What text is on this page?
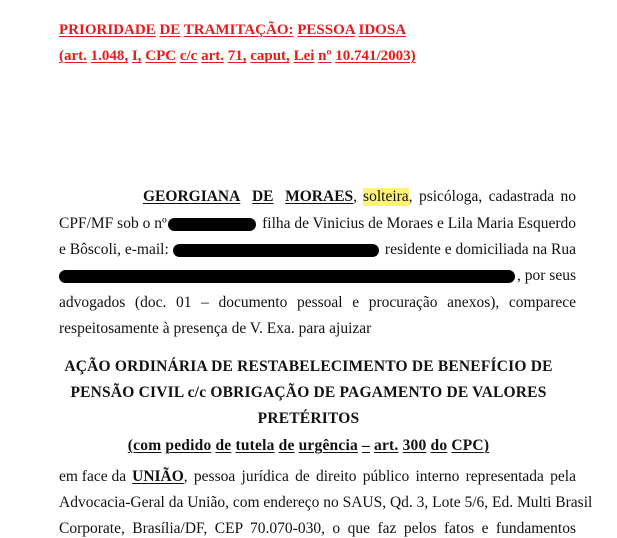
PRIORIDADE DE TRAMITAÇÃO: PESSOA IDOSA
(art. 1.048, I, CPC c/c art. 71, caput, Lei nº 10.741/2003)
GEORGIANA DE MORAES , solteira , psicóloga, cadastrada no
CPF/MF sob o nº	filha de Vinicius de Moraes e Lila Maria Esquerdo
e Bôscoli, e-mail:	residente e domiciliada na Rua
, por seus
advogados (doc. 01 – documento pessoal e procuração anexos), comparece
respeitosamente à presença de V. Exa. para ajuizar
AÇÃO ORDINÁRIA DE RESTABELECIMENTO DE BENEFÍCIO DE
PENSÃO CIVIL c/c OBRIGAÇÃO DE PAGAMENTO DE VALORES
PRETÉRITOS
(com pedido de tutela de urgência – art. 300 do CPC)
em face da UNIÃO , pessoa jurídica de direito público interno representada pela
Advocacia-Geral da União, com endereço no SAUS, Qd. 3, Lote 5/6, Ed. Multi Brasil
Corporate, Brasília/DF, CEP 70.070-030, o que faz pelos fatos e fundamentos
